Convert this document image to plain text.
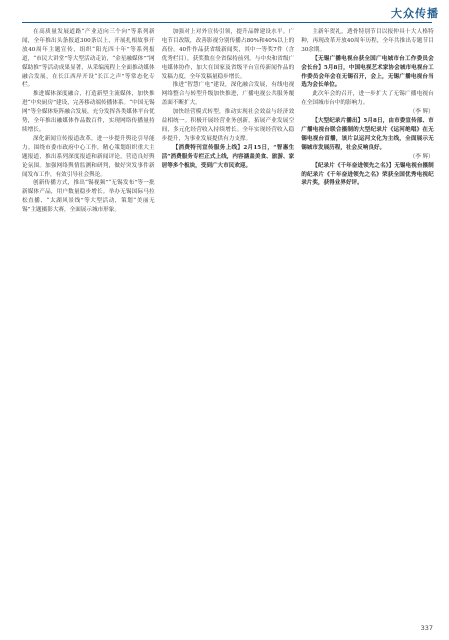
大众传播

在高质量发展道路“产业迈向三个向”等系列新闻，全年推出头条报道300条以上，开展扎根故事开放40周年主题宣传，组织“阳光四十年”等系列报道，“市民大讲堂”等大型活动走访，“金星融媒体”“网媒助推”等活动成果显著，从采编流程上全面推动媒体融合发展，在长江西岸开设“长江之声”等常态化专栏。

推进媒体深度融合，打造新型主流媒体，加快推进“中央厨房”建设，完善移动端传播体系。“中国无锡网”等全媒体矩阵融合发展，充分发挥各类媒体平台优势，全年推出融媒体作品数百件，实现网络传播量持续增长。

深化新闻宣传报道改革，进一步提升舆论引导能力。围绕市委市政府中心工作，精心策划组织重大主题报道，推出系列深度报道和新闻评论，营造良好舆论氛围。加强网络舆情监测和研判，做好突发事件新闻发布工作，有效引导社会舆论。

创新传播方式，推出“锡视频”“无锡发布”等一批新媒体产品，用户数量稳步增长。举办无锡国际马拉松直播、“太湖风景线”等大型活动，策划“美丽无锡”主题摄影大赛，全面展示城市形象。

加强对上对外宣传引领，提升品牌建设水平。广电节目改版，改善影视分别传播占80%和40%以上的高份。40件作品获省级新闻奖，其中一等奖7件（含优秀栏目），获奖数在全省保持前列。与中央和省级广电媒体协作，加大在国家及省级平台宣传新闻作品的发稿力度，全年发稿量稳步增长。

推进“智慧广电”建设，深化融合发展，有线电视网络整合与转型升级加快推进，广播电视公共服务覆盖面不断扩大。

加快经营模式转型，推动实现社会效益与经济效益相统一。积极开展经营业务创新，拓展产业发展空间，多元化经营收入持续增长。全年实现经营收入稳步提升，为事业发展提供有力支撑。

【消费特刊宣传服务上线】2月15日，“智惠生活”消费服务专栏正式上线，内容涵盖美食、旅游、家居等多个板块，受到广大市民欢迎。

主新年贺礼，透骨特别节目以报仲具十大人格特种，再现改革开放40周年历程，全年共推出专题节目30余期。

【无锡广播电视台获全国广电城市台工作委员会会长台】5月8日，中国电视艺术家协会城市电视台工作委员会年会在无锡召开，会上，无锡广播电视台当选为会长单位。

此次年会的召开，进一步扩大了无锡广播电视台在全国城市台中的影响力。

（李 辉）

【大型纪录片播出】5月8日，由市委宣传部、市广播电视台联合摄制的大型纪录片《运河绝唱》在无锡电视台首播，该片以运河文化为主线，全面展示无锡城市发展历程，社会反响良好。

（李 辉）

【纪录片《千年奋进领先之名》】无锡电视台摄制的纪录片《千年奋进领先之名》荣获全国优秀电视纪录片奖，获得业界好评。

337
